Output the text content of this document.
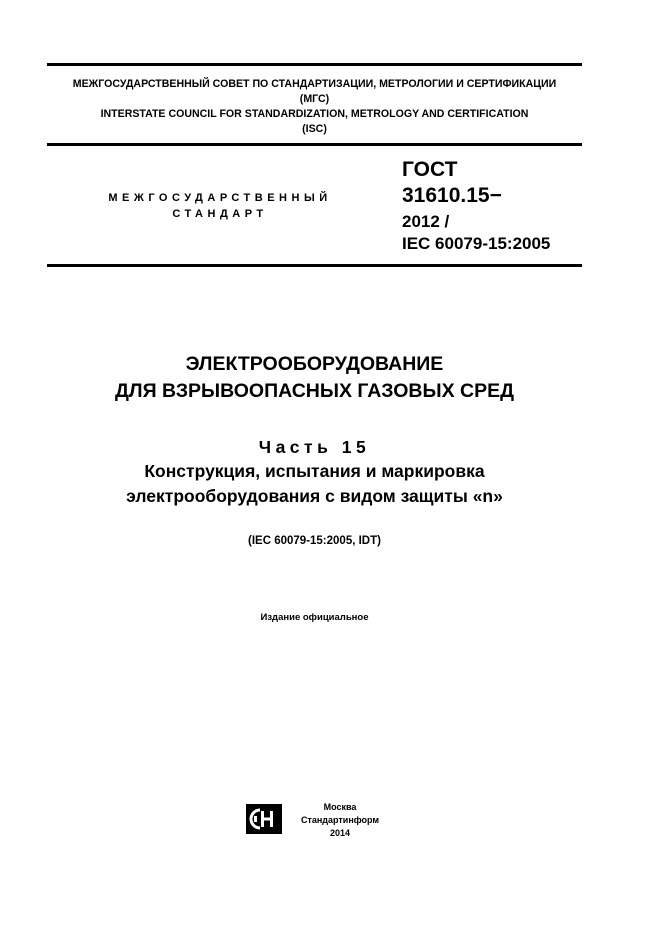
МЕЖГОСУДАРСТВЕННЫЙ СОВЕТ ПО СТАНДАРТИЗАЦИИ, МЕТРОЛОГИИ И СЕРТИФИКАЦИИ
(МГС)
INTERSTATE COUNCIL FOR STANDARDIZATION, METROLOGY AND CERTIFICATION
(ISC)
МЕЖГОСУДАРСТВЕННЫЙ
СТАНДАРТ
ГОСТ
31610.15−
2012 /
IEC 60079-15:2005
ЭЛЕКТРООБОРУДОВАНИЕ
ДЛЯ ВЗРЫВООПАСНЫХ ГАЗОВЫХ СРЕД
Часть 15
Конструкция, испытания и маркировка
электрооборудования с видом защиты «n»
(IEC 60079-15:2005, IDT)
Издание официальное
Москва
Стандартинформ
2014
